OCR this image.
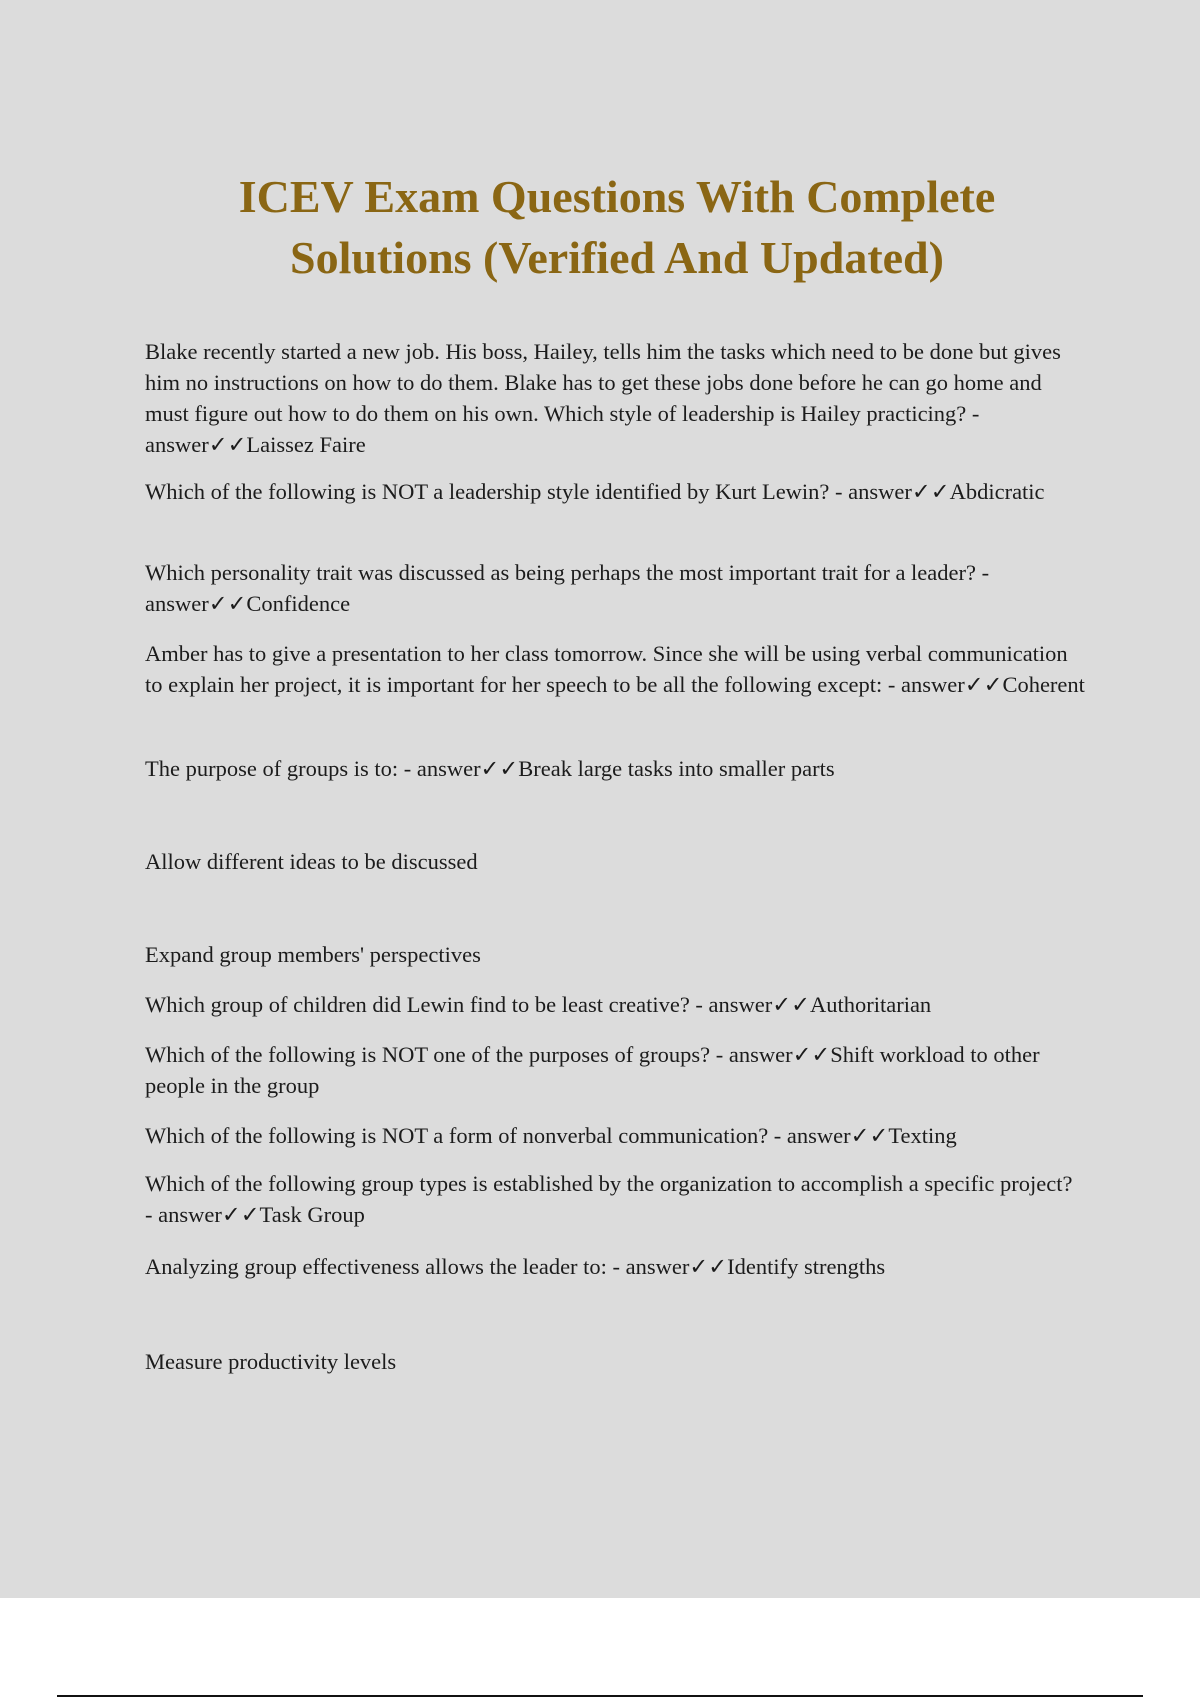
ICEV Exam Questions With Complete
Solutions (Verified And Updated)

Blake recently started a new job. His boss, Hailey, tells him the tasks which need to be done but gives him no instructions on how to do them. Blake has to get these jobs done before he can go home and must figure out how to do them on his own. Which style of leadership is Hailey practicing? - answer✓✓Laissez Faire

Which of the following is NOT a leadership style identified by Kurt Lewin? - answer✓✓Abdicratic

Which personality trait was discussed as being perhaps the most important trait for a leader? - answer✓✓Confidence

Amber has to give a presentation to her class tomorrow. Since she will be using verbal communication to explain her project, it is important for her speech to be all the following except: - answer✓✓Coherent

The purpose of groups is to: - answer✓✓Break large tasks into smaller parts

Allow different ideas to be discussed

Expand group members' perspectives

Which group of children did Lewin find to be least creative? - answer✓✓Authoritarian

Which of the following is NOT one of the purposes of groups? - answer✓✓Shift workload to other people in the group

Which of the following is NOT a form of nonverbal communication? - answer✓✓Texting

Which of the following group types is established by the organization to accomplish a specific project? - answer✓✓Task Group

Analyzing group effectiveness allows the leader to: - answer✓✓Identify strengths

Measure productivity levels
